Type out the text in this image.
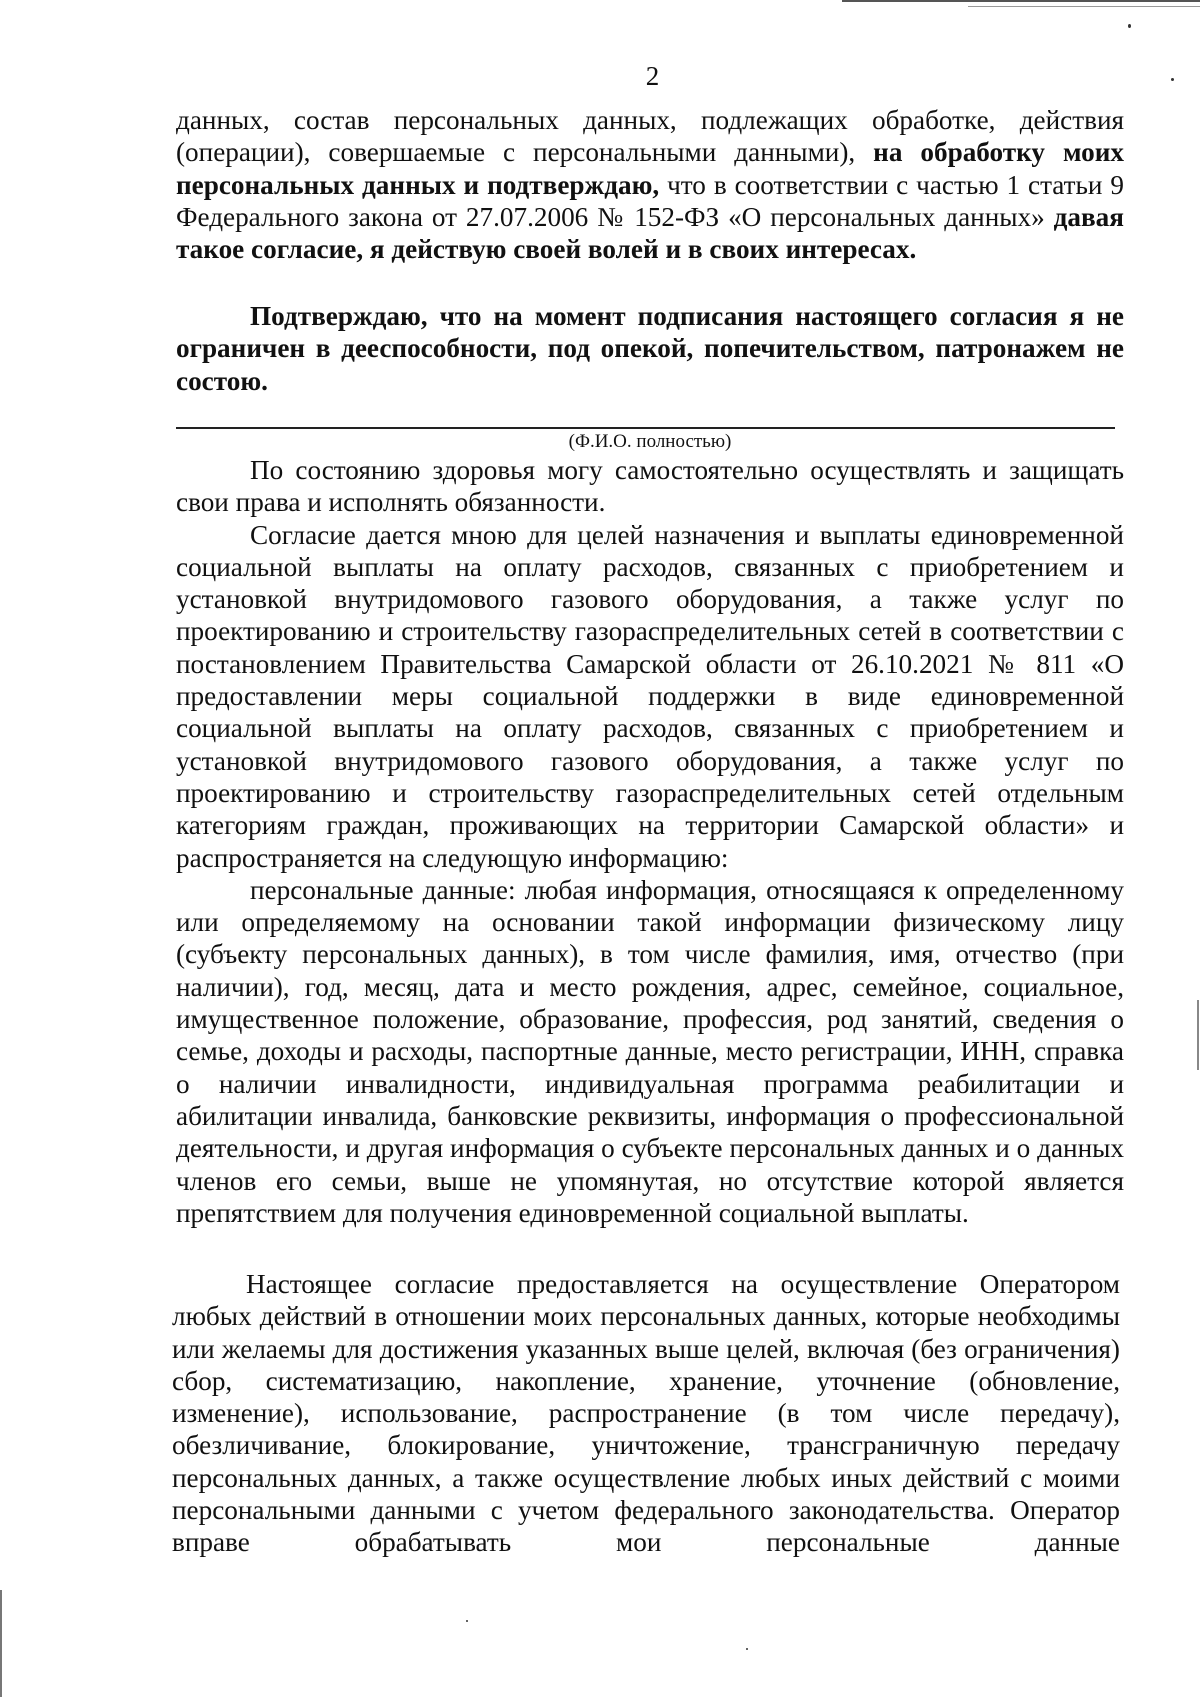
2

данных, состав персональных данных, подлежащих обработке, действия (операции), совершаемые с персональными данными), на обработку моих персональных данных и подтверждаю, что в соответствии с частью 1 статьи 9 Федерального закона от 27.07.2006 № 152-ФЗ «О персональных данных» давая такое согласие, я действую своей волей и в своих интересах.

Подтверждаю, что на момент подписания настоящего согласия я не ограничен в дееспособности, под опекой, попечительством, патронажем не состою.

(Ф.И.О. полностью)

По состоянию здоровья могу самостоятельно осуществлять и защищать свои права и исполнять обязанности.

Согласие дается мною для целей назначения и выплаты единовременной социальной выплаты на оплату расходов, связанных с приобретением и установкой внутридомового газового оборудования, а также услуг по проектированию и строительству газораспределительных сетей в соответствии с постановлением Правительства Самарской области от 26.10.2021 № 811 «О предоставлении меры социальной поддержки в виде единовременной социальной выплаты на оплату расходов, связанных с приобретением и установкой внутридомового газового оборудования, а также услуг по проектированию и строительству газораспределительных сетей отдельным категориям граждан, проживающих на территории Самарской области» и распространяется на следующую информацию:

персональные данные: любая информация, относящаяся к определенному или определяемому на основании такой информации физическому лицу (субъекту персональных данных), в том числе фамилия, имя, отчество (при наличии), год, месяц, дата и место рождения, адрес, семейное, социальное, имущественное положение, образование, профессия, род занятий, сведения о семье, доходы и расходы, паспортные данные, место регистрации, ИНН, справка о наличии инвалидности, индивидуальная программа реабилитации и абилитации инвалида, банковские реквизиты, информация о профессиональной деятельности, и другая информация о субъекте персональных данных и о данных членов его семьи, выше не упомянутая, но отсутствие которой является препятствием для получения единовременной социальной выплаты.

Настоящее согласие предоставляется на осуществление Оператором любых действий в отношении моих персональных данных, которые необходимы или желаемы для достижения указанных выше целей, включая (без ограничения) сбор, систематизацию, накопление, хранение, уточнение (обновление, изменение), использование, распространение (в том числе передачу), обезличивание, блокирование, уничтожение, трансграничную передачу персональных данных, а также осуществление любых иных действий с моими персональными данными с учетом федерального законодательства. Оператор вправе обрабатывать мои персональные данные
